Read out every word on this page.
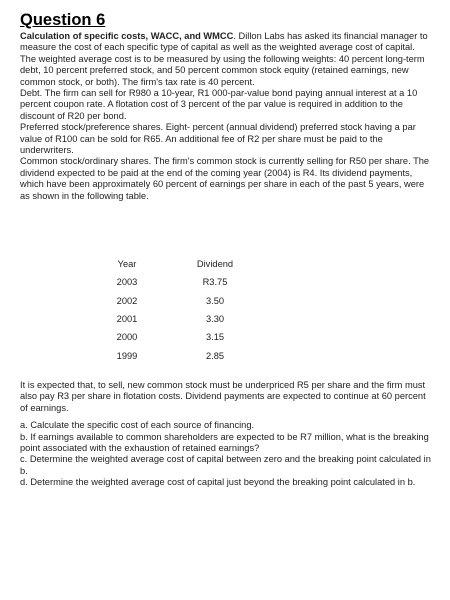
Question 6

Calculation of specific costs, WACC, and WMCC. Dillon Labs has asked its financial manager to measure the cost of each specific type of capital as well as the weighted average cost of capital. The weighted average cost is to be measured by using the following weights: 40 percent long-term debt, 10 percent preferred stock, and 50 percent common stock equity (retained earnings, new common stock, or both). The firm's tax rate is 40 percent.

Debt. The firm can sell for R980 a 10-year, R1 000-par-value bond paying annual interest at a 10 percent coupon rate. A flotation cost of 3 percent of the par value is required in addition to the discount of R20 per bond.

Preferred stock/preference shares. Eight- percent (annual dividend) preferred stock having a par value of R100 can be sold for R65. An additional fee of R2 per share must be paid to the underwriters.

Common stock/ordinary shares. The firm's common stock is currently selling for R50 per share. The dividend expected to be paid at the end of the coming year (2004) is R4. Its dividend payments, which have been approximately 60 percent of earnings per share in each of the past 5 years, were as shown in the following table.

Year	Dividend
2003	R3.75
2002	3.50
2001	3.30
2000	3.15
1999	2.85

It is expected that, to sell, new common stock must be underpriced R5 per share and the firm must also pay R3 per share in flotation costs. Dividend payments are expected to continue at 60 percent of earnings.

a. Calculate the specific cost of each source of financing.

b. If earnings available to common shareholders are expected to be R7 million, what is the breaking point associated with the exhaustion of retained earnings?

c. Determine the weighted average cost of capital between zero and the breaking point calculated in b.

d. Determine the weighted average cost of capital just beyond the breaking point calculated in b.
